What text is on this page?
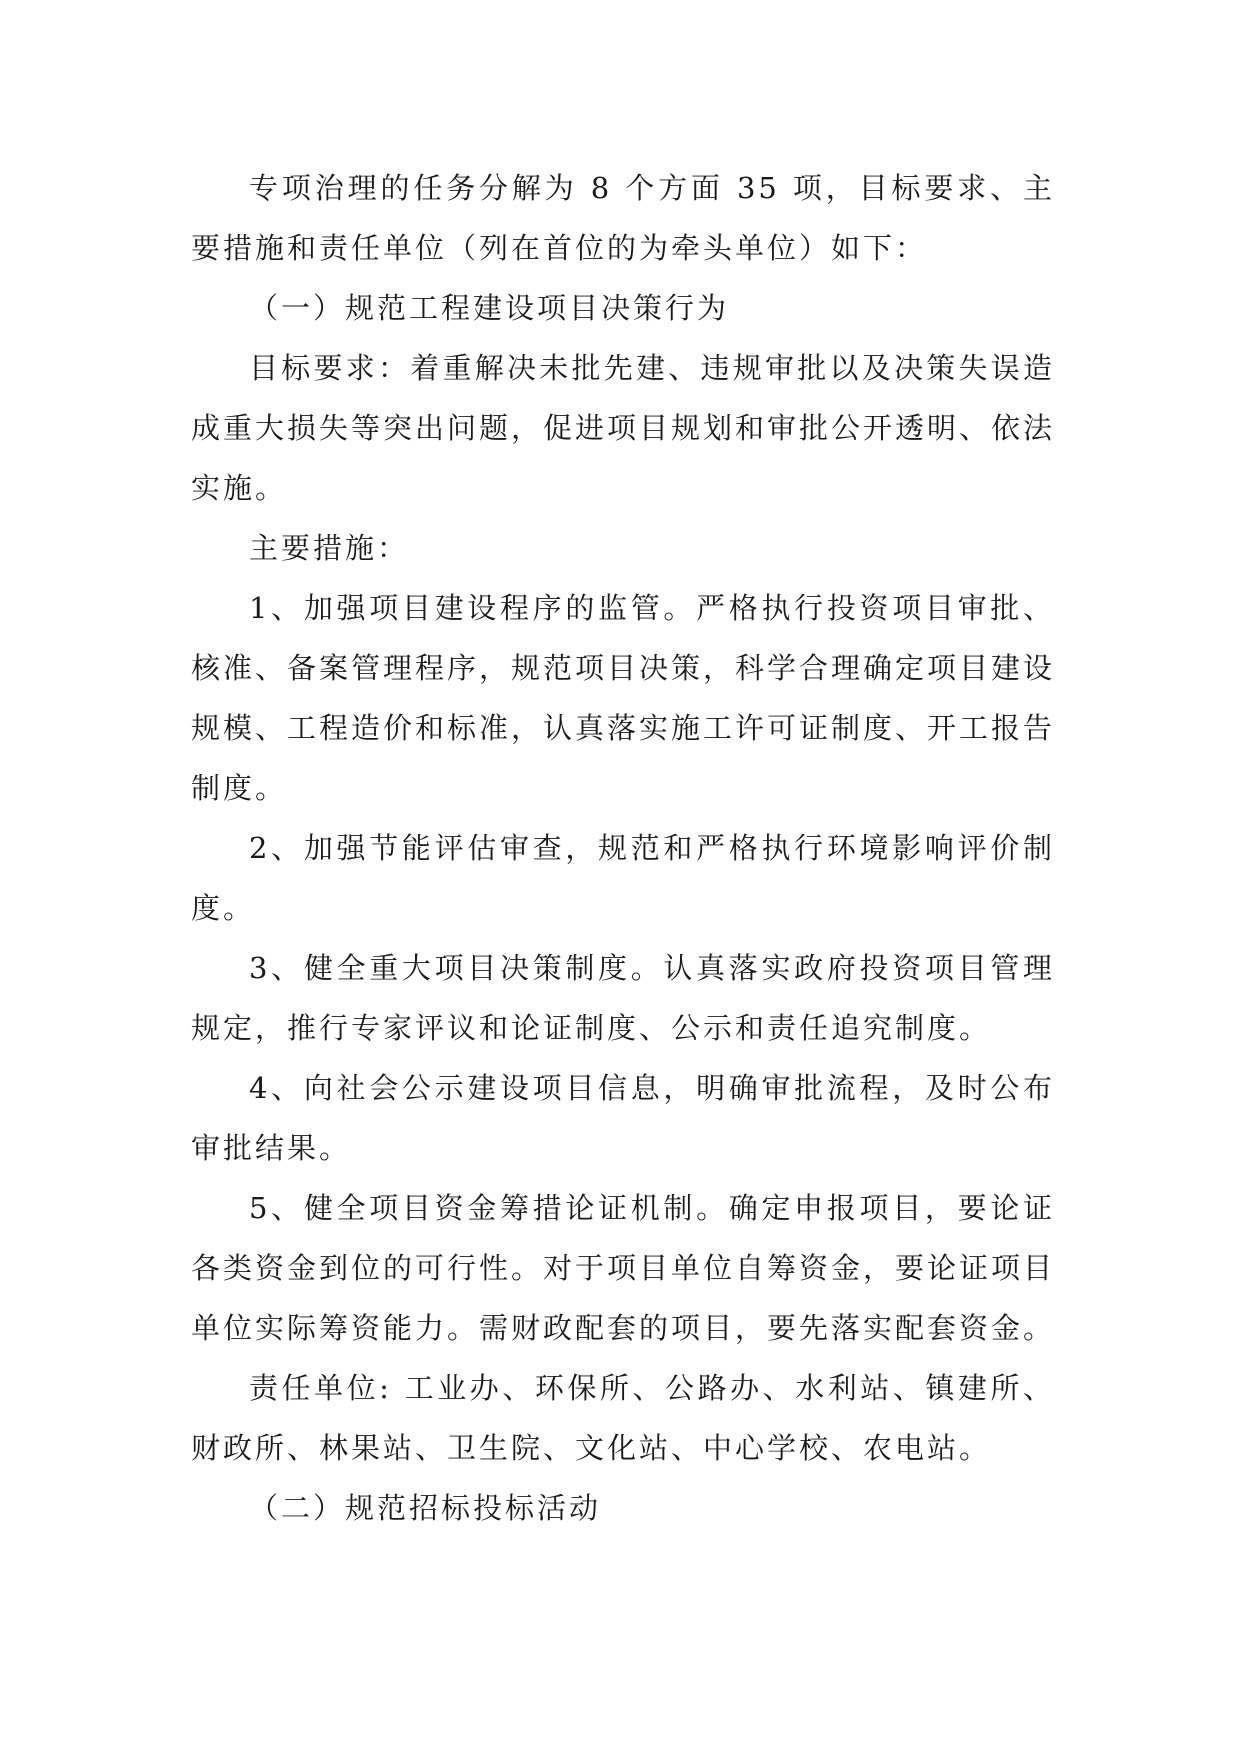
专项治理的任务分解为 8 个方面 35 项，目标要求、主要措施和责任单位（列在首位的为牵头单位）如下：

（一）规范工程建设项目决策行为

目标要求：着重解决未批先建、违规审批以及决策失误造成重大损失等突出问题，促进项目规划和审批公开透明、依法实施。

主要措施：

1、加强项目建设程序的监管。严格执行投资项目审批、核准、备案管理程序，规范项目决策，科学合理确定项目建设规模、工程造价和标准，认真落实施工许可证制度、开工报告制度。

2、加强节能评估审查，规范和严格执行环境影响评价制度。

3、健全重大项目决策制度。认真落实政府投资项目管理规定，推行专家评议和论证制度、公示和责任追究制度。

4、向社会公示建设项目信息，明确审批流程，及时公布审批结果。

5、健全项目资金筹措论证机制。确定申报项目，要论证各类资金到位的可行性。对于项目单位自筹资金，要论证项目单位实际筹资能力。需财政配套的项目，要先落实配套资金。

责任单位: 工业办、环保所、公路办、水利站、镇建所、财政所、林果站、卫生院、文化站、中心学校、农电站。

（二）规范招标投标活动
